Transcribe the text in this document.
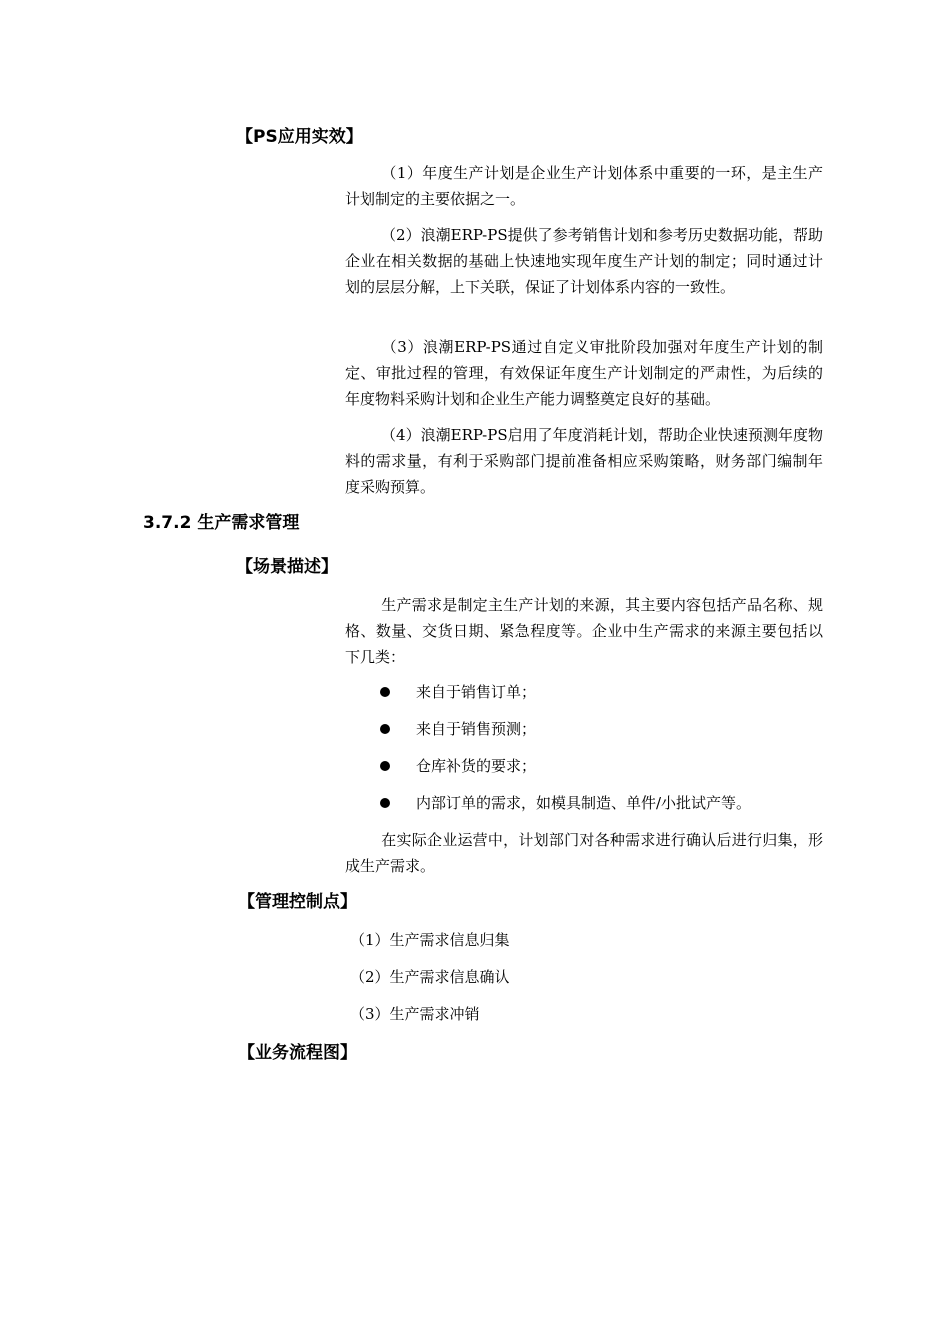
【PS应用实效】
（1）年度生产计划是企业生产计划体系中重要的一环，是主生产计划制定的主要依据之一。
（2）浪潮ERP-PS提供了参考销售计划和参考历史数据功能，帮助企业在相关数据的基础上快速地实现年度生产计划的制定；同时通过计划的层层分解，上下关联，保证了计划体系内容的一致性。
（3）浪潮ERP-PS通过自定义审批阶段加强对年度生产计划的制定、审批过程的管理，有效保证年度生产计划制定的严肃性，为后续的年度物料采购计划和企业生产能力调整奠定良好的基础。
（4）浪潮ERP-PS启用了年度消耗计划，帮助企业快速预测年度物料的需求量，有利于采购部门提前准备相应采购策略，财务部门编制年度采购预算。
3.7.2 生产需求管理
【场景描述】
生产需求是制定主生产计划的来源，其主要内容包括产品名称、规格、数量、交货日期、紧急程度等。企业中生产需求的来源主要包括以下几类：
来自于销售订单；
来自于销售预测；
仓库补货的要求；
内部订单的需求，如模具制造、单件/小批试产等。
在实际企业运营中，计划部门对各种需求进行确认后进行归集，形成生产需求。
【管理控制点】
（1）生产需求信息归集
（2）生产需求信息确认
（3）生产需求冲销
【业务流程图】
